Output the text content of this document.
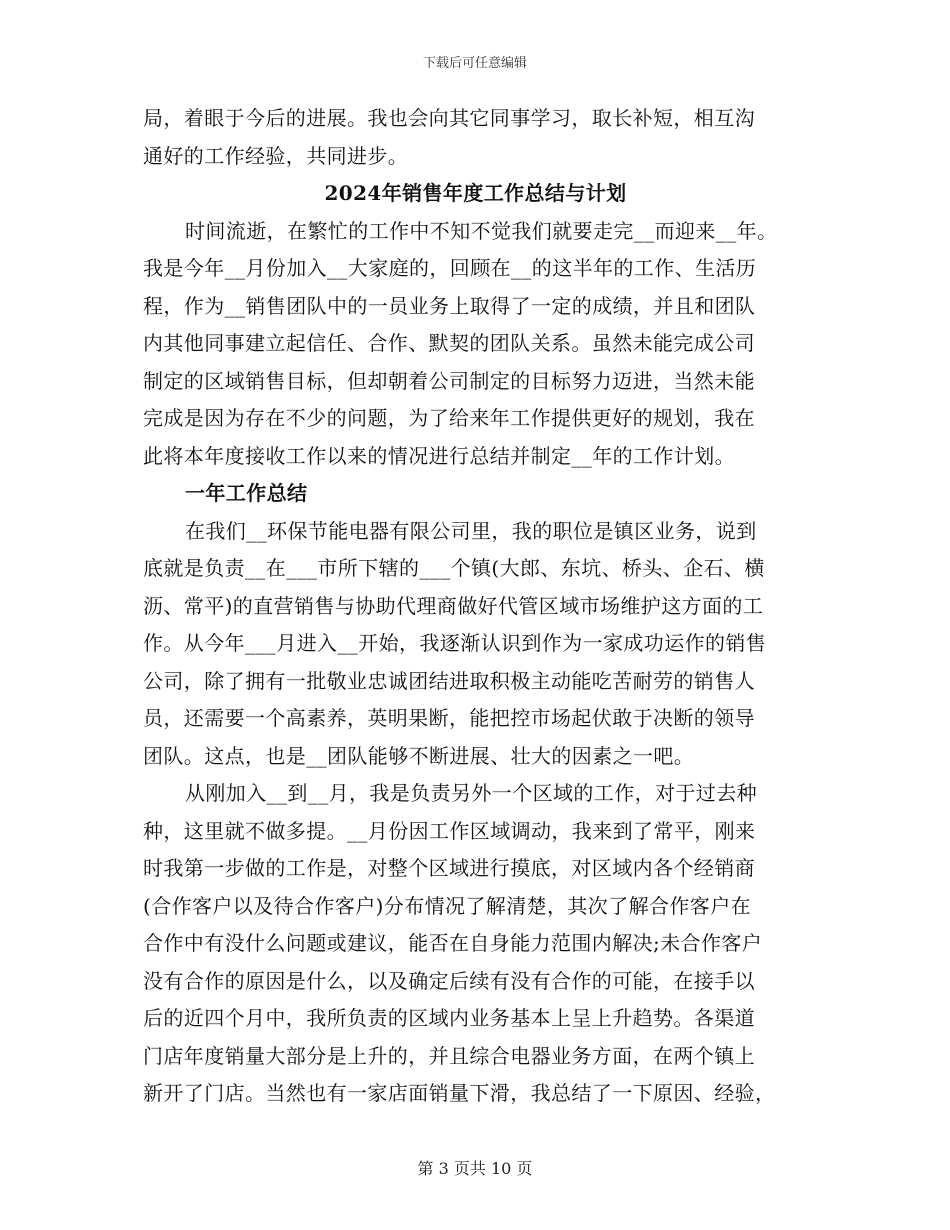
下载后可任意编辑
局，着眼于今后的进展。我也会向其它同事学习，取长补短，相互沟
通好的工作经验，共同进步。
2024年销售年度工作总结与计划
时间流逝，在繁忙的工作中不知不觉我们就要走完__而迎来__年。
我是今年__月份加入__大家庭的，回顾在__的这半年的工作、生活历
程，作为__销售团队中的一员业务上取得了一定的成绩，并且和团队
内其他同事建立起信任、合作、默契的团队关系。虽然未能完成公司
制定的区域销售目标，但却朝着公司制定的目标努力迈进，当然未能
完成是因为存在不少的问题，为了给来年工作提供更好的规划，我在
此将本年度接收工作以来的情况进行总结并制定__年的工作计划。
一年工作总结
在我们__环保节能电器有限公司里，我的职位是镇区业务，说到
底就是负责__在___市所下辖的___个镇(大郎、东坑、桥头、企石、横
沥、常平)的直营销售与协助代理商做好代管区域市场维护这方面的工
作。从今年___月进入__开始，我逐渐认识到作为一家成功运作的销售
公司，除了拥有一批敬业忠诚团结进取积极主动能吃苦耐劳的销售人
员，还需要一个高素养，英明果断，能把控市场起伏敢于决断的领导
团队。这点，也是__团队能够不断进展、壮大的因素之一吧。
从刚加入__到__月，我是负责另外一个区域的工作，对于过去种
种，这里就不做多提。__月份因工作区域调动，我来到了常平，刚来
时我第一步做的工作是，对整个区域进行摸底，对区域内各个经销商
(合作客户以及待合作客户)分布情况了解清楚，其次了解合作客户在
合作中有没什么问题或建议，能否在自身能力范围内解决;未合作客户
没有合作的原因是什么，以及确定后续有没有合作的可能，在接手以
后的近四个月中，我所负责的区域内业务基本上呈上升趋势。各渠道
门店年度销量大部分是上升的，并且综合电器业务方面，在两个镇上
新开了门店。当然也有一家店面销量下滑，我总结了一下原因、经验，
第 3 页共 10 页
